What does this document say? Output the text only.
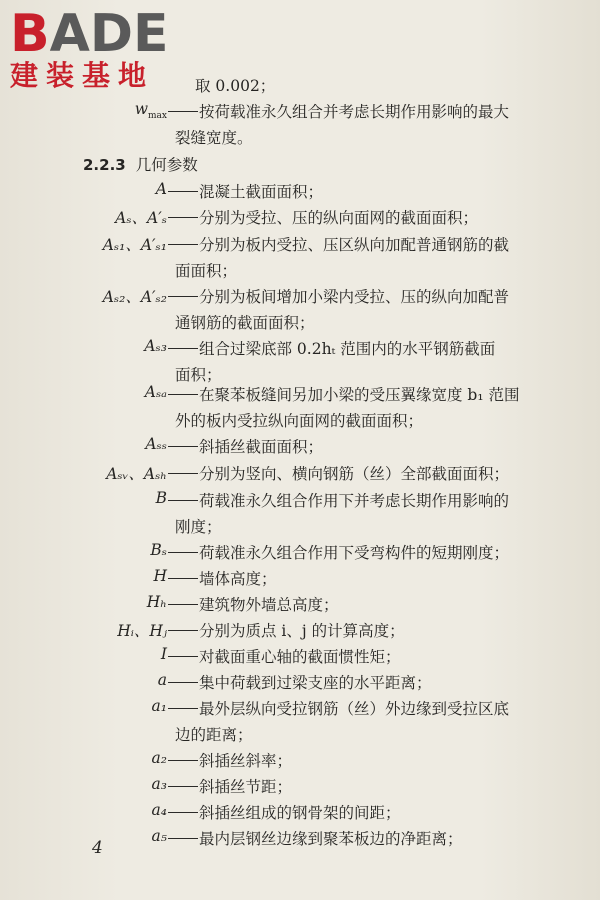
BADE
建装基地	取 0.002；
$w_{max}$ 按荷载准永久组合并考虑长期作用影响的最大
裂缝宽度。
2.2.3 几何参数
A 混凝土截面面积；
Aₛ、A′ₛ 分别为受拉、压的纵向面网的截面面积；
Aₛ₁、A′ₛ₁ 分别为板内受拉、压区纵向加配普通钢筋的截
面面积；
Aₛ₂、A′ₛ₂ 分别为板间增加小梁内受拉、压的纵向加配普
通钢筋的截面面积；
Aₛ₃ 组合过梁底部 0.2hₜ 范围内的水平钢筋截面
面积；
Aₛₐ 在聚苯板缝间另加小梁的受压翼缘宽度 b₁ 范围
外的板内受拉纵向面网的截面面积；
Aₛₛ 斜插丝截面面积；
Aₛᵥ、Aₛₕ 分别为竖向、横向钢筋（丝）全部截面面积；
B 荷载准永久组合作用下并考虑长期作用影响的
刚度；
Bₛ 荷载准永久组合作用下受弯构件的短期刚度；
H 墙体高度；
Hₕ 建筑物外墙总高度；
Hᵢ、Hⱼ 分别为质点 i、j 的计算高度；
I 对截面重心轴的截面惯性矩；
a 集中荷载到过梁支座的水平距离；
a₁ 最外层纵向受拉钢筋（丝）外边缘到受拉区底
边的距离；
a₂ 斜插丝斜率；
a₃ 斜插丝节距；
a₄ 斜插丝组成的钢骨架的间距；
a₅ 最内层钢丝边缘到聚苯板边的净距离；
4
